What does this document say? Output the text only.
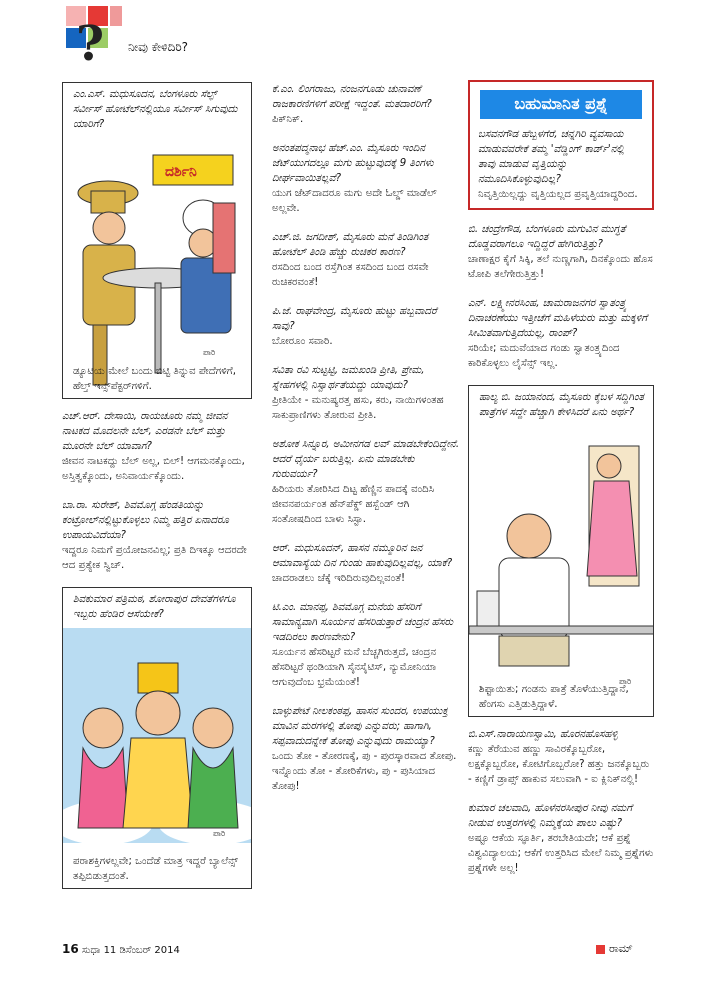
? ನೀವು ಕೇಳಿದಿರಿ?
ಎಂ.ಎಸ್. ಮಧುಸೂದನ, ಬೆಂಗಳೂರು ಸೆಲ್ಫ್ ಸರ್ವೀಸ್ ಹೋಟೆಲ್‌ನಲ್ಲಿಯೂ ಸರ್ವೀಸ್ ಸಿಗುವುದು ಯಾರಿಗೆ?
ದರ್ಶಿನಿ
ಪಾರಿ
ಡ್ಯೂಟಿಯ ಮೇಲೆ ಬಂದು ಬಿಟ್ಟಿ ತಿನ್ನುವ ಪೇದೆಗಳಿಗೆ, ಹೆಲ್ತ್ ಇನ್ಸ್‌ಪೆಕ್ಟರ್‌ಗಳಿಗೆ.

ಎಚ್.ಆರ್. ದೇಸಾಯಿ, ರಾಯಚೂರು ನಮ್ಮ ಜೀವನ ನಾಟಕದ ಮೊದಲನೇ ಬೆಲ್, ಎರಡನೇ ಬೆಲ್ ಮತ್ತು ಮೂರನೇ ಬೆಲ್ ಯಾವಾಗ?
ಜೀವನ ನಾಟಕದ್ದು ಬೆಲ್ ಅಲ್ಲ, ಬಿಲ್! ಆಗಮನಕ್ಕೊಂದು, ಅಸ್ತಿತ್ವಕ್ಕೊಂದು, ಅನಿವಾರ್ಯಕ್ಕೊಂದು.

ಬಾ.ರಾ. ಸುರೇಶ್, ಶಿವಮೊಗ್ಗ ಹೆಂಡತಿಯನ್ನು ಕಂಟ್ರೋಲ್‌ನಲ್ಲಿಟ್ಟುಕೊಳ್ಳಲು ನಿಮ್ಮ ಹತ್ತಿರ ಏನಾದರೂ ಉಪಾಯವಿದೆಯಾ?
ಇದ್ದರೂ ನಿಮಗೆ ಪ್ರಯೋಜನವಿಲ್ಲ; ಪ್ರತಿ ದಿಇಕ್ಕೂ ಆದರದೇ ಆದ ಪ್ರತ್ಯೇಕ ಸ್ವಿಚ್.

ಶಿವಕುಮಾರ ಪತ್ರಿಮಠ, ಶೋರಾಪುರ ದೇವತೆಗಳಿಗೂ ಇಬ್ಬರು ಹೆಂಡಿರ ಆಸೆಯೇಕೆ?
ಪಾರಿ
ಪರಾಶಕ್ತಿಗಳಲ್ಲವೇ; ಒಂದೆಡೆ ಮಾತ್ರ ಇದ್ದರೆ ಬ್ಯಾಲೆನ್ಸ್ ತಪ್ಪಿಬಿಡುತ್ತದಂತೆ.

ಕೆ.ಎಂ. ಲಿಂಗರಾಜು, ನಂಜನಗೂಡು ಚುನಾವಣೆ ರಾಜಕಾರಣಿಗಳಿಗೆ ಪರೀಕ್ಷೆ ಇದ್ದಂತೆ. ಮತದಾರರಿಗೆ?
ಪಿಕ್‌ನಿಕ್.

ಅನಂತಪದ್ಮನಾಭ ಹೆಚ್.ಎಂ. ಮೈಸೂರು ಇಂದಿನ ಜೆಟ್‌ಯುಗದಲ್ಲೂ ಮಗು ಹುಟ್ಟುವುದಕ್ಕೆ 9 ತಿಂಗಳು ದೀರ್ಘವಾಯಿತಲ್ಲವೆ?
ಯುಗ ಜೆಟ್‌ದಾದರೂ ಮಗು ಅದೇ ಓಲ್ಡ್ ಮಾಡೆಲ್ ಅಲ್ಲವೇ.

ಎಚ್.ಜಿ. ಜಗದೀಶ್, ಮೈಸೂರು ಮನೆ ತಿಂಡಿಗಿಂತ ಹೋಟೆಲ್ ತಿಂಡಿ ಹೆಚ್ಚು ರುಚಿಕರ ಕಾರಣ?
ರಸದಿಂದ ಬಂದ ರಸ್ತೆಗಿಂತ ಕಸದಿಂದ ಬಂದ ರಸವೇ ರುಚಿಕರವಂತೆ!

ಪಿ.ಜೆ. ರಾಘವೇಂದ್ರ, ಮೈಸೂರು ಹುಟ್ಟು ಹಬ್ಬವಾದರೆ ಸಾವು?
ಬೋರೂಂ ಸವಾರಿ.

ಸವಿತಾ ರವಿ ಸುಟ್ಟಟ್ಟಿ, ಜಮಖಂಡಿ ಪ್ರೀತಿ, ಪ್ರೇಮ, ಸ್ನೇಹಗಳಲ್ಲಿ ನಿಸ್ವಾರ್ಥತೆಯದ್ದು ಯಾವುದು?
ಪ್ರೀತಿಯೇ - ಮನುಷ್ಯರತ್ತ ಹಸು, ಕರು, ನಾಯಿಗಳಂತಹ ಸಾಕುಪ್ರಾಣಿಗಳು ತೋರುವ ಪ್ರೀತಿ.

ಅಶೋಕ ಸಿನ್ನೂರ, ಅಮೀನಗಡ ಲವ್ ಮಾಡಬೇಕೆಂದಿದ್ದೇನೆ. ಆದರೆ ಧೈರ್ಯ ಬರುತ್ತಿಲ್ಲ. ಏನು ಮಾಡಬೇಕು ಗುರುವರ್ಯ?
ಹಿರಿಯರು ತೋರಿಸಿದ ದಿಟ್ಟ ಹೆಣ್ಣಿನ ಪಾದಕ್ಕೆ ವಂದಿಸಿ ಜೀವನಪರ್ಯಂತ ಹೆನ್‌ಪೆಕ್ಡ್ ಹಸ್ಬೆಂಡ್ ಆಗಿ ಸಂತೋಷದಿಂದ ಬಾಳು ಸಿಸ್ಟಾ.

ಆರ್. ಮಧುಸೂದನ್, ಹಾಸನ ನಮ್ಮೂರಿನ ಜನ ಆಮಾವಾಸ್ಯೆಯ ದಿನ ಗುಂಡು ಹಾಕುವುದಿಲ್ಲವಲ್ಲ, ಯಾಕೆ?
ಚಾದರಾಡಲು ಚೆಕ್ಕೆ ಇರಿದಿರುವುದಿಲ್ಲವಂತೆ!

ಟಿ.ಎಂ. ಮಾನಪ್ಪ, ಶಿವಮೊಗ್ಗ ಮನೆಯ ಹೆಸರಿಗೆ ಸಾಮಾನ್ಯವಾಗಿ ಸೂರ್ಯನ ಹೆಸರಿಡುತ್ತಾರೆ ಚಂದ್ರನ ಹೆಸರು ಇಡದಿರಲು ಕಾರಣವೇನು?
ಸೂರ್ಯನ ಹೆಸರಿಟ್ಟರೆ ಮನೆ ಬೆಚ್ಚಗಿರುತ್ತದೆ, ಚಂದ್ರನ ಹೆಸರಿಟ್ಟರೆ ಥಂಡಿಯಾಗಿ ಸೈನಸೈಟಿಸ್, ನ್ಯುಮೋನಿಯಾ ಆಗುವುದೆಂಬ ಭ್ರಮೆಯಂತೆ!

ಬಾಳ್ಳುಪೇಟೆ ನೀಲಕಂಠಪ್ಪ, ಹಾಸನ ಸುಂದರ, ಉಪಯುಕ್ತ ಮಾವಿನ ಮರಗಳಲ್ಲಿ ತೋಪು ಎನ್ನುವರು; ಹಾಗಾಗಿ, ಸಪ್ಪವಾದುದನ್ನೇಕೆ ತೋಪು ಎನ್ನುವುದು ರಾಮಯ್ಯಾ?
ಒಂದು ತೋ - ತೋರಣಕ್ಕೆ, ಪು - ಪುರಸ್ಕಾರವಾದ ತೋಪು. ಇನ್ನೊಂದು ತೋ - ತೋರಿಕೆಗಳು, ಪು - ಪುಸಿಯಾದ ತೋಪು!

ಬಹುಮಾನಿತ ಪ್ರಶ್ನೆ
ಬಸವನಗೌಡ ಹೆಬ್ಬಳಗೆರೆ, ಚನ್ನಗಿರಿ ವ್ಯವಸಾಯ ಮಾಡುವವರೇಕೆ ತಮ್ಮ 'ವೆಡ್ಡಿಂಗ್ ಕಾರ್ಡ್'ನಲ್ಲಿ ತಾವು ಮಾಡುವ ವೃತ್ತಿಯನ್ನು ನಮೂದಿಸಿಕೊಳ್ಳುವುದಿಲ್ಲ?
ನಿವೃತ್ತಿಯಿಲ್ಲದ್ದು ವೃತ್ತಿಯಲ್ಲದ ಪ್ರವೃತ್ತಿಯಾದ್ದರಿಂದ.

ಬಿ. ಚಂದ್ರೇಗೌಡ, ಬೆಂಗಳೂರು ಮಗುವಿನ ಮುಗ್ಧತೆ ದೊಡ್ಡವರಾಗಲೂ ಇದ್ದಿದ್ದರೆ ಹೇಗಿರುತ್ತಿತ್ತು?
ಚಾಣಾಕ್ಷರ ಕೈಗೆ ಸಿಕ್ಕಿ, ತಲೆ ನುಣ್ಣಗಾಗಿ, ದಿನಕ್ಕೊಂದು ಹೊಸ ಟೋಪಿ ತಲೆಗೇರುತ್ತಿತ್ತು!

ಎನ್. ಲಕ್ಷ್ಮೀನರಸಿಂಹ, ಚಾಮರಾಜನಗರ ಸ್ವಾತಂತ್ರ್ಯ ದಿನಾಚರಣೆಯು ಇತ್ತೀಚೆಗೆ ಮಹಿಳೆಯರು ಮತ್ತು ಮಕ್ಕಳಿಗೆ ಸೀಮಿತವಾಗುತ್ತಿದೆಯಲ್ಲ, ರಾಂಪ್?
ಸರಿಯೇ; ಮದುವೆಯಾದ ಗಂಡು ಸ್ವಾತಂತ್ರ್ಯದಿಂದ ಕಾರಿಕೊಳ್ಳಲು ಲೈಸೆನ್ಸ್ ಇಲ್ಲ.

ಹಾಲ್ಯ ಬಿ. ಜಯಾನಂದ, ಮೈಸೂರು ಕೈಬಳ ಸದ್ದಿಗಿಂತ ಪಾತ್ರೆಗಳ ಸದ್ದೇ ಹೆಚ್ಚಾಗಿ ಕೇಳಿಸಿದರೆ ಏನು ಅರ್ಥ?
ಪಾರಿ
ಶಿಫ್ಟಾಯಿತು; ಗಂಡನು ಪಾತ್ರೆ ತೊಳೆಯುತ್ತಿದ್ದಾನೆ, ಹೆಂಗಸು ಎತ್ತಿಡುತ್ತಿದ್ದಾಳೆ.

ಬಿ.ಎಸ್.ನಾರಾಯಣಸ್ವಾಮಿ, ಹೊರನಹೊಸಹಳ್ಳಿ
ಕಣ್ಣು ತೆರೆಯುವ ಹಣ್ಣು ಸಾವಿರಕ್ಕೊಬ್ಬರೋ, ಲಕ್ಷಕ್ಕೊಬ್ಬರೋ, ಕೋಟಿಗೊಬ್ಬರೋ? ಹತ್ತು ಜನಕ್ಕೊಬ್ಬರು - ಕಣ್ಣಿಗೆ ಡ್ರಾಪ್ಸ್ ಹಾಕುವ ಸಲುವಾಗಿ - ಐ ಕ್ಲಿನಿಕ್‌ನಲ್ಲಿ!

ಕುಮಾರ ಚಲವಾದಿ, ಹೊಳೆನರಸೀಪುರ ನೀವು ನಮಗೆ ನೀಡುವ ಉತ್ತರಗಳಲ್ಲಿ ನಿಮ್ಮಕ್ಕೆಯ ಪಾಲು ಎಷ್ಟು?
ಅಷ್ಟೂ ಆಕೆಯ ಸ್ಫೂರ್ತಿ, ತರಬೇತಿಯದೇ; ಆಕೆ ಪ್ರಶ್ನೆ ವಿಶ್ವವಿದ್ಯಾಲಯ; ಆಕೆಗೆ ಉತ್ತರಿಸಿದ ಮೇಲೆ ನಿಮ್ಮ ಪ್ರಶ್ನೆಗಳು ಪ್ರಶ್ನೆಗಳೇ ಅಲ್ಲ!

16 ಸುಧಾ 11 ಡಿಸೆಂಬರ್ 2014	ರಾಮ್
